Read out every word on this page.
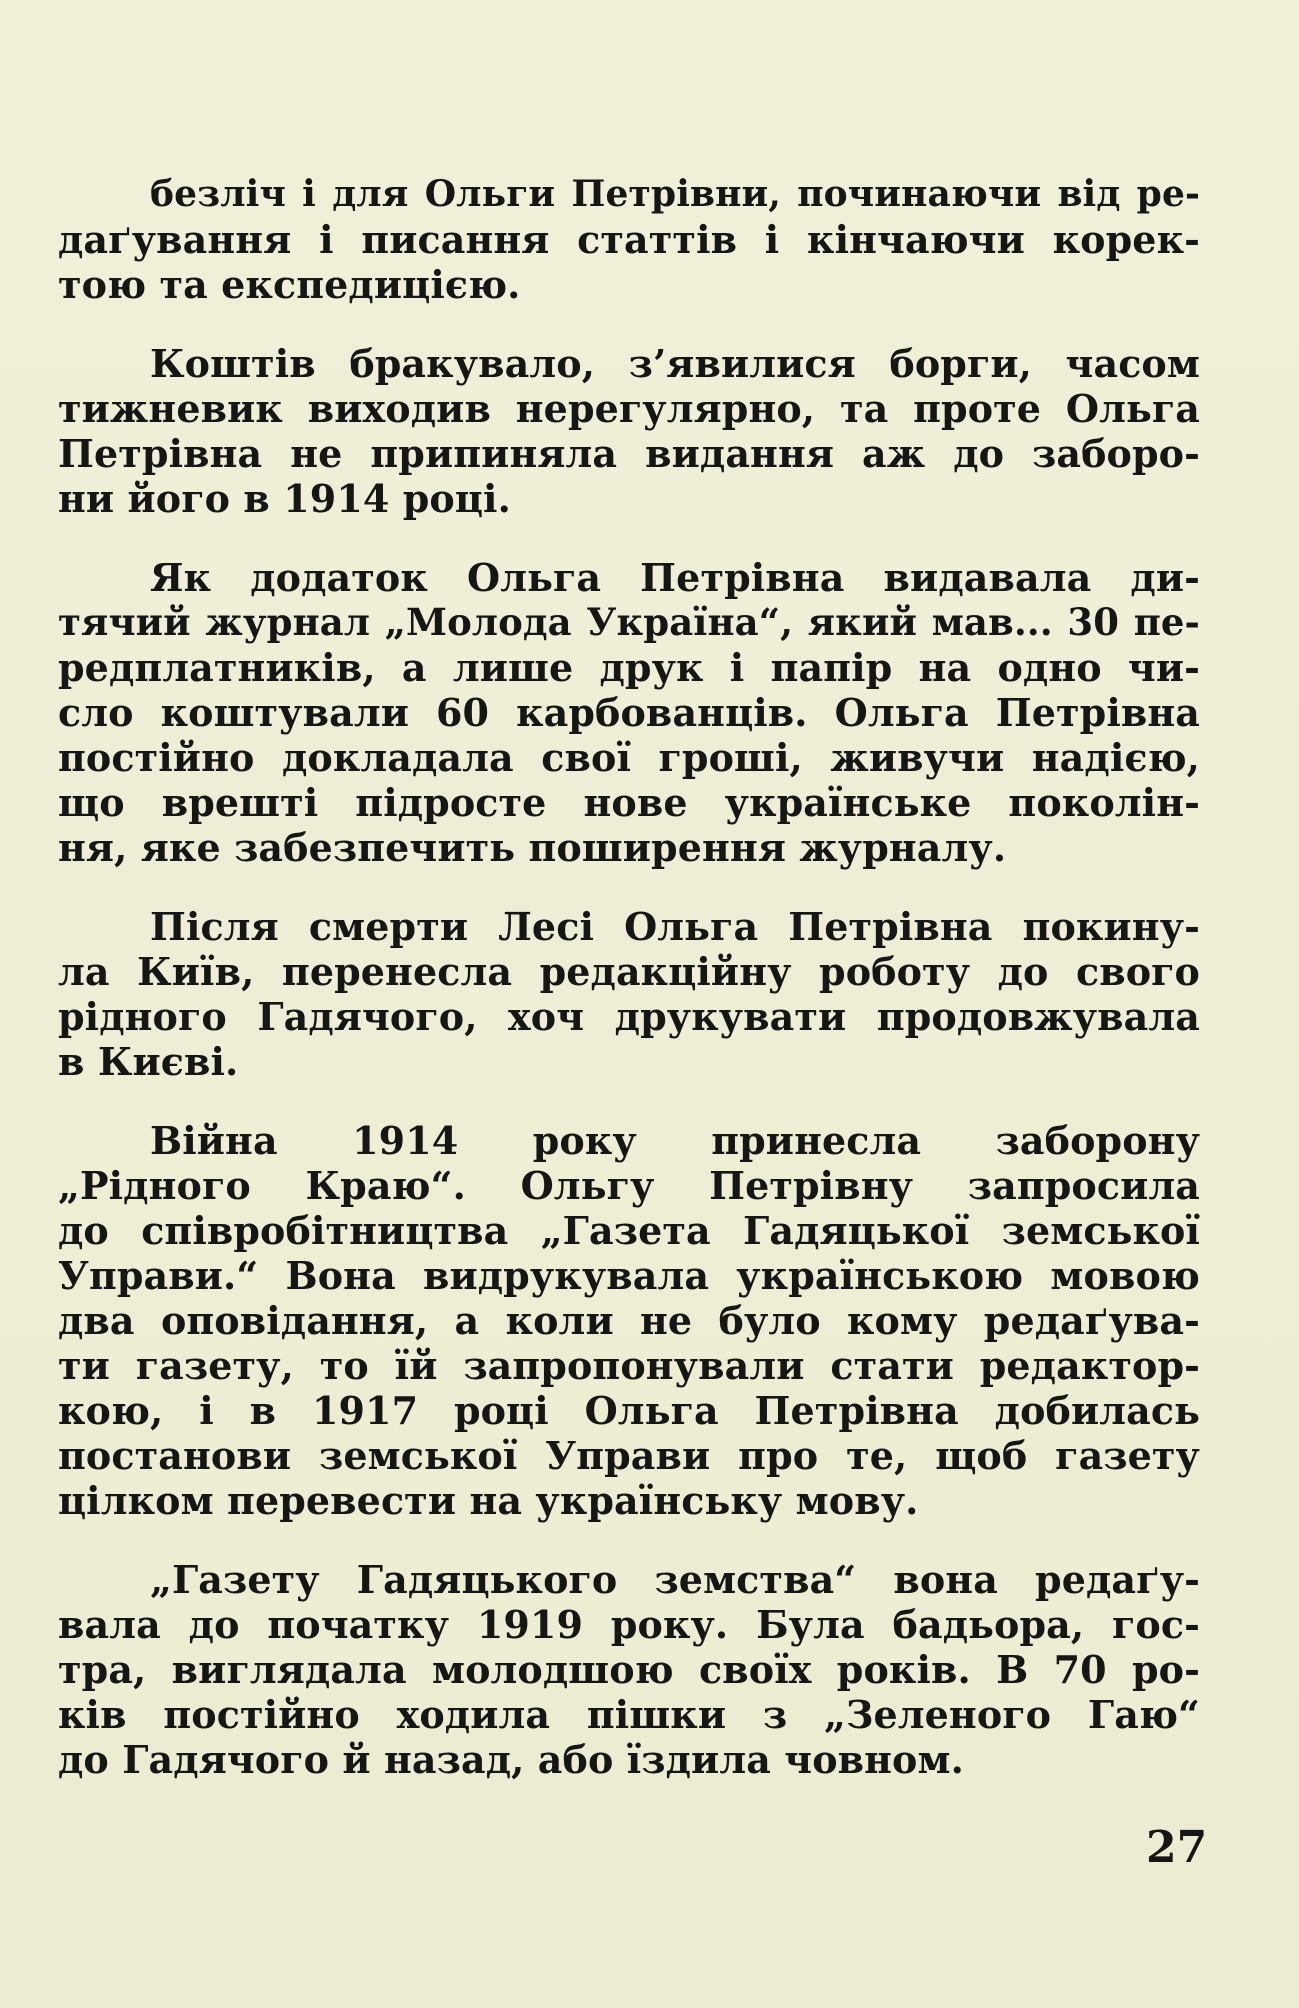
безліч і для Ольги Петрівни, починаючи від ре-
даґування і писання статтів і кінчаючи корек-
тою та експедицією.
Коштів бракувало, з’явилися борги, часом
тижневик виходив нерегулярно, та проте Ольга
Петрівна не припиняла видання аж до заборо-
ни його в 1914 році.
Як додаток Ольга Петрівна видавала ди-
тячий журнал „Молода Україна“, який мав... 30 пе-
редплатників, а лише друк і папір на одно чи-
сло коштували 60 карбованців. Ольга Петрівна
постійно докладала свої гроші, живучи надією,
що врешті підросте нове українське поколін-
ня, яке забезпечить поширення журналу.
Після смерти Лесі Ольга Петрівна покину-
ла Київ, перенесла редакційну роботу до свого
рідного Гадячого, хоч друкувати продовжувала
в Києві.
Війна 1914 року принесла заборону
„Рідного Краю“. Ольгу Петрівну запросила
до співробітництва „Газета Гадяцької земської
Управи.“ Вона видрукувала українською мовою
два оповідання, а коли не було кому редаґува-
ти газету, то їй запропонували стати редактор-
кою, і в 1917 році Ольга Петрівна добилась
постанови земської Управи про те, щоб газету
цілком перевести на українську мову.
„Газету Гадяцького земства“ вона редаґу-
вала до початку 1919 року. Була бадьора, гос-
тра, виглядала молодшою своїх років. В 70 ро-
ків постійно ходила пішки з „Зеленого Гаю“
до Гадячого й назад, або їздила човном.
27
